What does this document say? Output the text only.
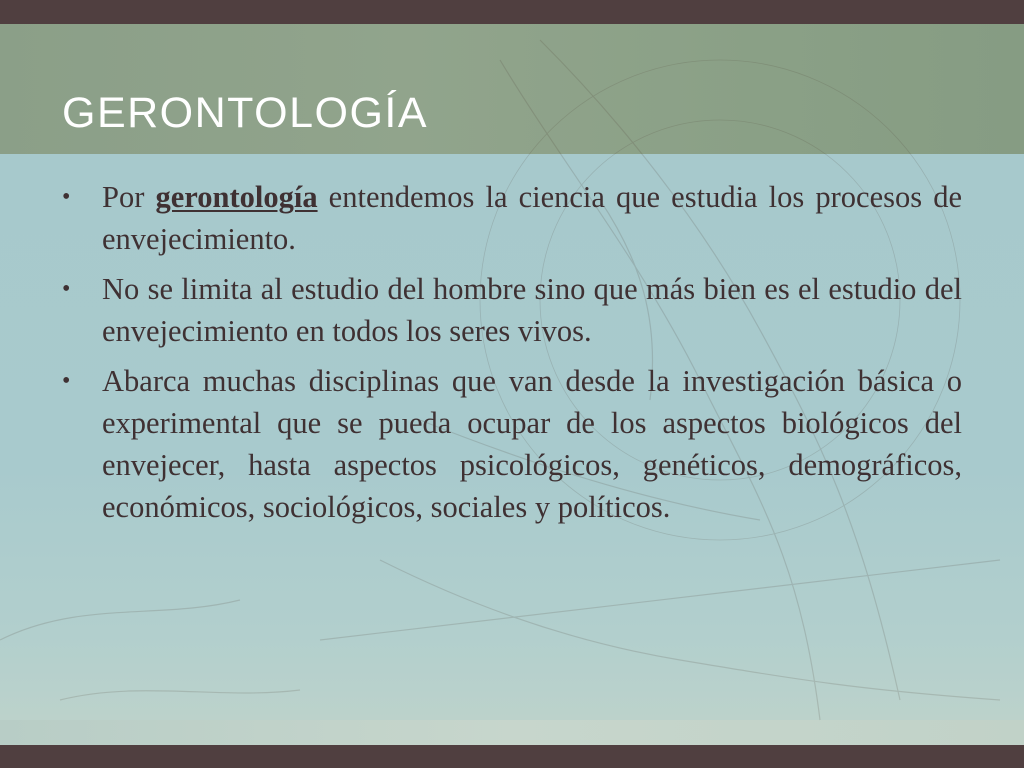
GERONTOLOGÍA
•	Por gerontología entendemos la ciencia que estudia los procesos de envejecimiento.
•	No se limita al estudio del hombre sino que más bien es el estudio del envejecimiento en todos los seres vivos.
•	Abarca muchas disciplinas que van desde la investigación básica o experimental que se pueda ocupar de los aspectos biológicos del envejecer, hasta aspectos psicológicos, genéticos, demográficos, económicos, sociológicos, sociales y políticos.
